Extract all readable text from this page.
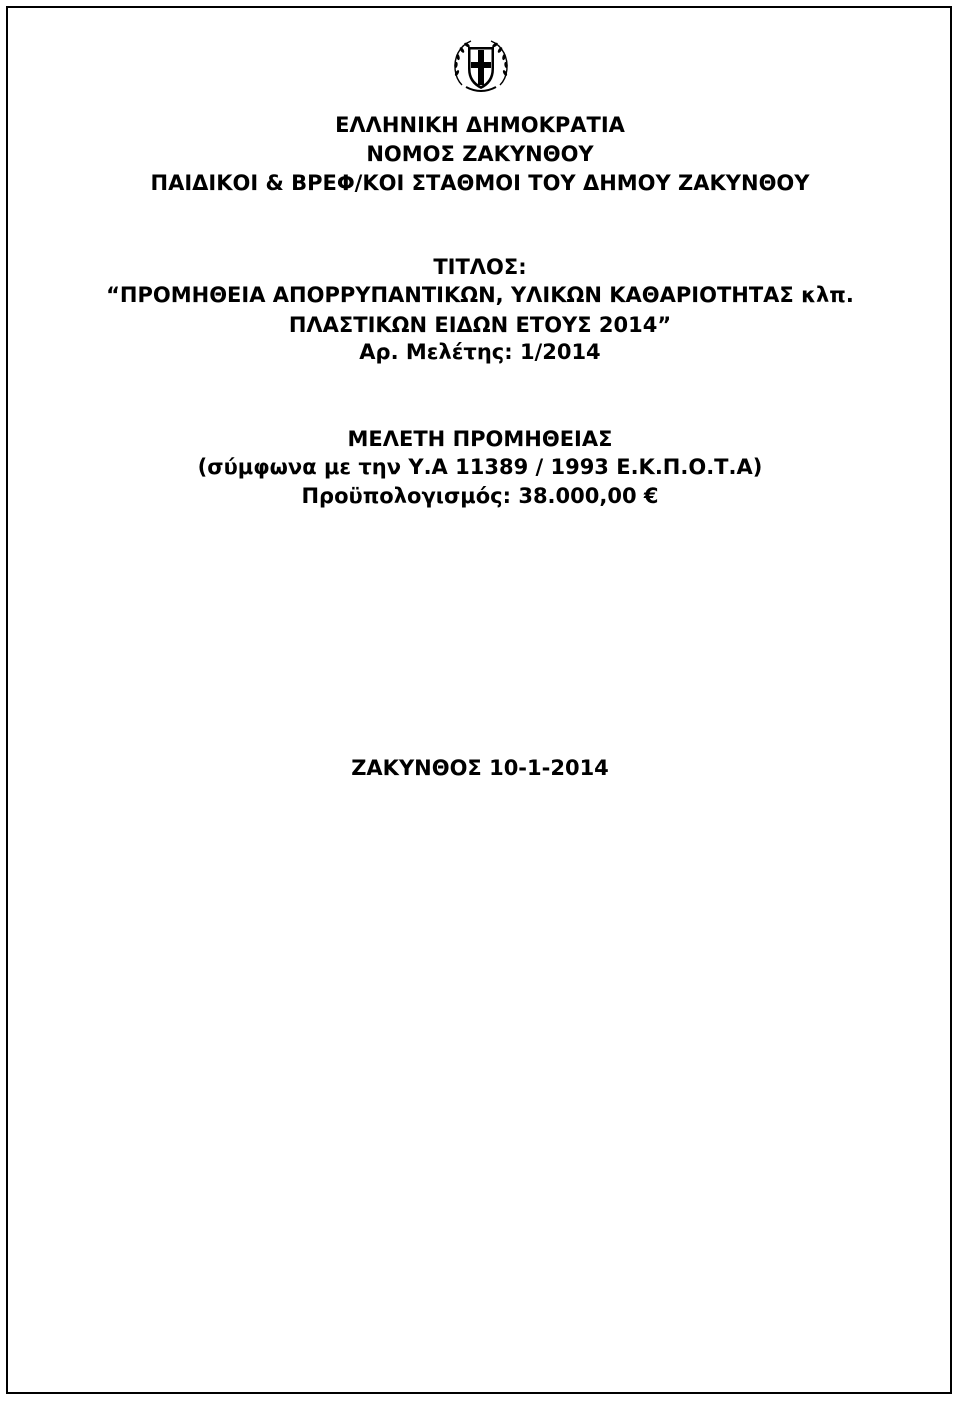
ΕΛΛΗΝΙΚΗ ΔΗΜΟΚΡΑΤΙΑ
ΝΟΜΟΣ ΖΑΚΥΝΘΟΥ
ΠΑΙΔΙΚΟΙ & ΒΡΕΦ/ΚΟΙ ΣΤΑΘΜΟΙ ΤΟΥ ΔΗΜΟΥ ΖΑΚΥΝΘΟΥ
ΤΙΤΛΟΣ:
“ΠΡΟΜΗΘΕΙΑ ΑΠΟΡΡΥΠΑΝΤΙΚΩΝ, ΥΛΙΚΩΝ ΚΑΘΑΡΙΟΤΗΤΑΣ κλπ.
ΠΛΑΣΤΙΚΩΝ ΕΙΔΩΝ ΕΤΟΥΣ 2014”
Αρ. Μελέτης: 1/2014
ΜΕΛΕΤΗ ΠΡΟΜΗΘΕΙΑΣ
(σύμφωνα με την Υ.Α 11389 / 1993 Ε.Κ.Π.Ο.Τ.Α)
Προϋπολογισμός: 38.000,00 €
ΖΑΚΥΝΘΟΣ 10-1-2014
